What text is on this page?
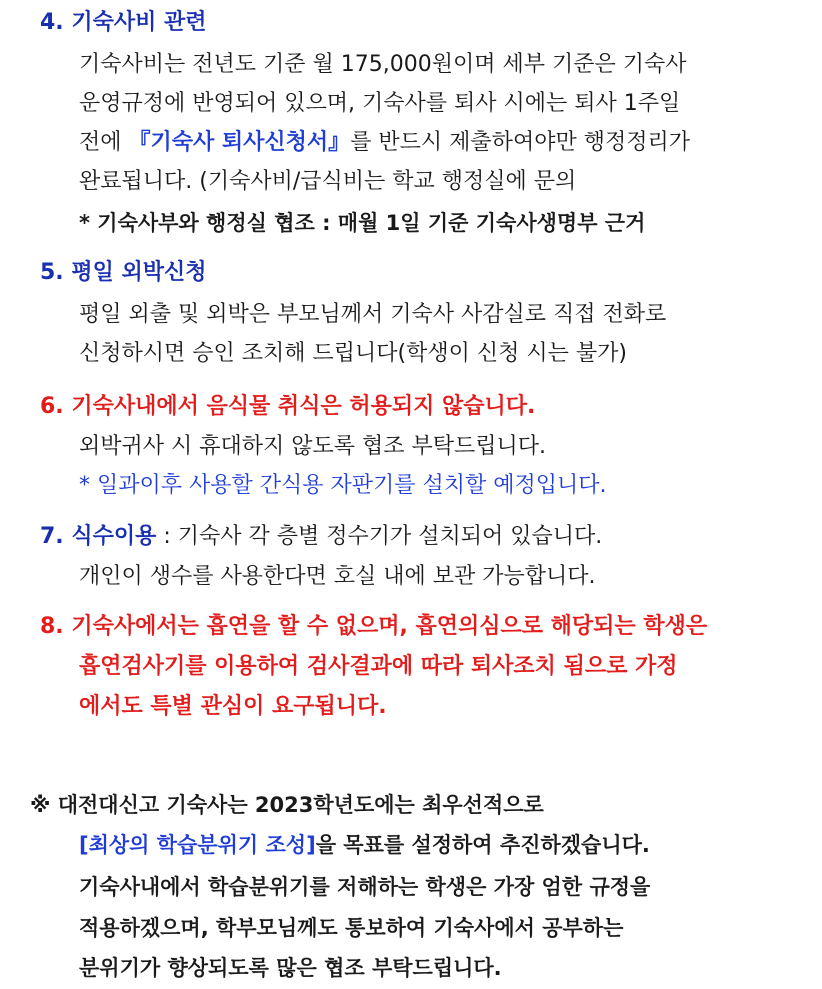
4. 기숙사비 관련
기숙사비는 전년도 기준 월 175,000원이며 세부 기준은 기숙사
운영규정에 반영되어 있으며, 기숙사를 퇴사 시에는 퇴사 1주일
전에 『기숙사 퇴사신청서』를 반드시 제출하여야만 행정정리가
완료됩니다. (기숙사비/급식비는 학교 행정실에 문의
* 기숙사부와 행정실 협조 : 매월 1일 기준 기숙사생명부 근거
5. 평일 외박신청
평일 외출 및 외박은 부모님께서 기숙사 사감실로 직접 전화로
신청하시면 승인 조치해 드립니다(학생이 신청 시는 불가)
6. 기숙사내에서 음식물 취식은 허용되지 않습니다.
외박귀사 시 휴대하지 않도록 협조 부탁드립니다.
* 일과이후 사용할 간식용 자판기를 설치할 예정입니다.
7. 식수이용 : 기숙사 각 층별 정수기가 설치되어 있습니다.
개인이 생수를 사용한다면 호실 내에 보관 가능합니다.
8. 기숙사에서는 흡연을 할 수 없으며, 흡연의심으로 해당되는 학생은
흡연검사기를 이용하여 검사결과에 따라 퇴사조치 됨으로 가정
에서도 특별 관심이 요구됩니다.
※ 대전대신고 기숙사는 2023학년도에는 최우선적으로
[최상의 학습분위기 조성]을 목표를 설정하여 추진하겠습니다.
기숙사내에서 학습분위기를 저해하는 학생은 가장 엄한 규정을
적용하겠으며, 학부모님께도 통보하여 기숙사에서 공부하는
분위기가 향상되도록 많은 협조 부탁드립니다.
